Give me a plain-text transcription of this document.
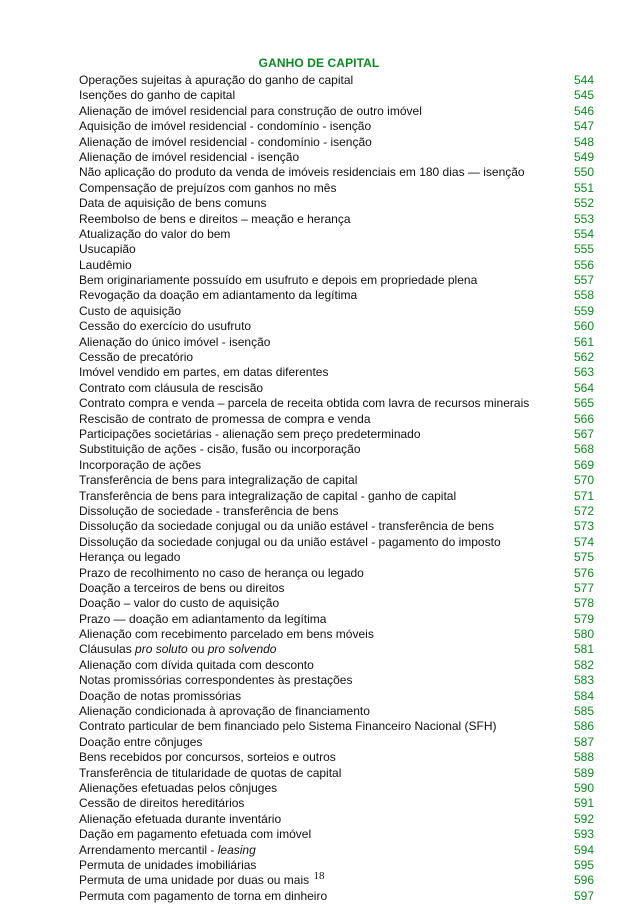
GANHO DE CAPITAL
Operações sujeitas à apuração do ganho de capital	544
Isenções do ganho de capital	545
Alienação de imóvel residencial para construção de outro imóvel	546
Aquisição de imóvel residencial - condomínio - isenção	547
Alienação de imóvel residencial - condomínio - isenção	548
Alienação de imóvel residencial - isenção	549
Não aplicação do produto da venda de imóveis residenciais em 180 dias — isenção	550
Compensação de prejuízos com ganhos no mês	551
Data de aquisição de bens comuns	552
Reembolso de bens e direitos – meação e herança	553
Atualização do valor do bem	554
Usucapião	555
Laudêmio	556
Bem originariamente possuído em usufruto e depois em propriedade plena	557
Revogação da doação em adiantamento da legítima	558
Custo de aquisição	559
Cessão do exercício do usufruto	560
Alienação do único imóvel - isenção	561
Cessão de precatório	562
Imóvel vendido em partes, em datas diferentes	563
Contrato com cláusula de rescisão	564
Contrato compra e venda – parcela de receita obtida com lavra de recursos minerais	565
Rescisão de contrato de promessa de compra e venda	566
Participações societárias - alienação sem preço predeterminado	567
Substituição de ações - cisão, fusão ou incorporação	568
Incorporação de ações	569
Transferência de bens para integralização de capital	570
Transferência de bens para integralização de capital - ganho de capital	571
Dissolução de sociedade - transferência de bens	572
Dissolução da sociedade conjugal ou da união estável - transferência de bens	573
Dissolução da sociedade conjugal ou da união estável - pagamento do imposto	574
Herança ou legado	575
Prazo de recolhimento no caso de herança ou legado	576
Doação a terceiros de bens ou direitos	577
Doação – valor do custo de aquisição	578
Prazo — doação em adiantamento da legítima	579
Alienação com recebimento parcelado em bens móveis	580
Cláusulas pro soluto ou pro solvendo	581
Alienação com dívida quitada com desconto	582
Notas promissórias correspondentes às prestações	583
Doação de notas promissórias	584
Alienação condicionada à aprovação de financiamento	585
Contrato particular de bem financiado pelo Sistema Financeiro Nacional (SFH)	586
Doação entre cônjuges	587
Bens recebidos por concursos, sorteios e outros	588
Transferência de titularidade de quotas de capital	589
Alienações efetuadas pelos cônjuges	590
Cessão de direitos hereditários	591
Alienação efetuada durante inventário	592
Dação em pagamento efetuada com imóvel	593
Arrendamento mercantil - leasing	594
Permuta de unidades imobiliárias	595
Permuta de uma unidade por duas ou mais	596
Permuta com pagamento de torna em dinheiro	597
18
